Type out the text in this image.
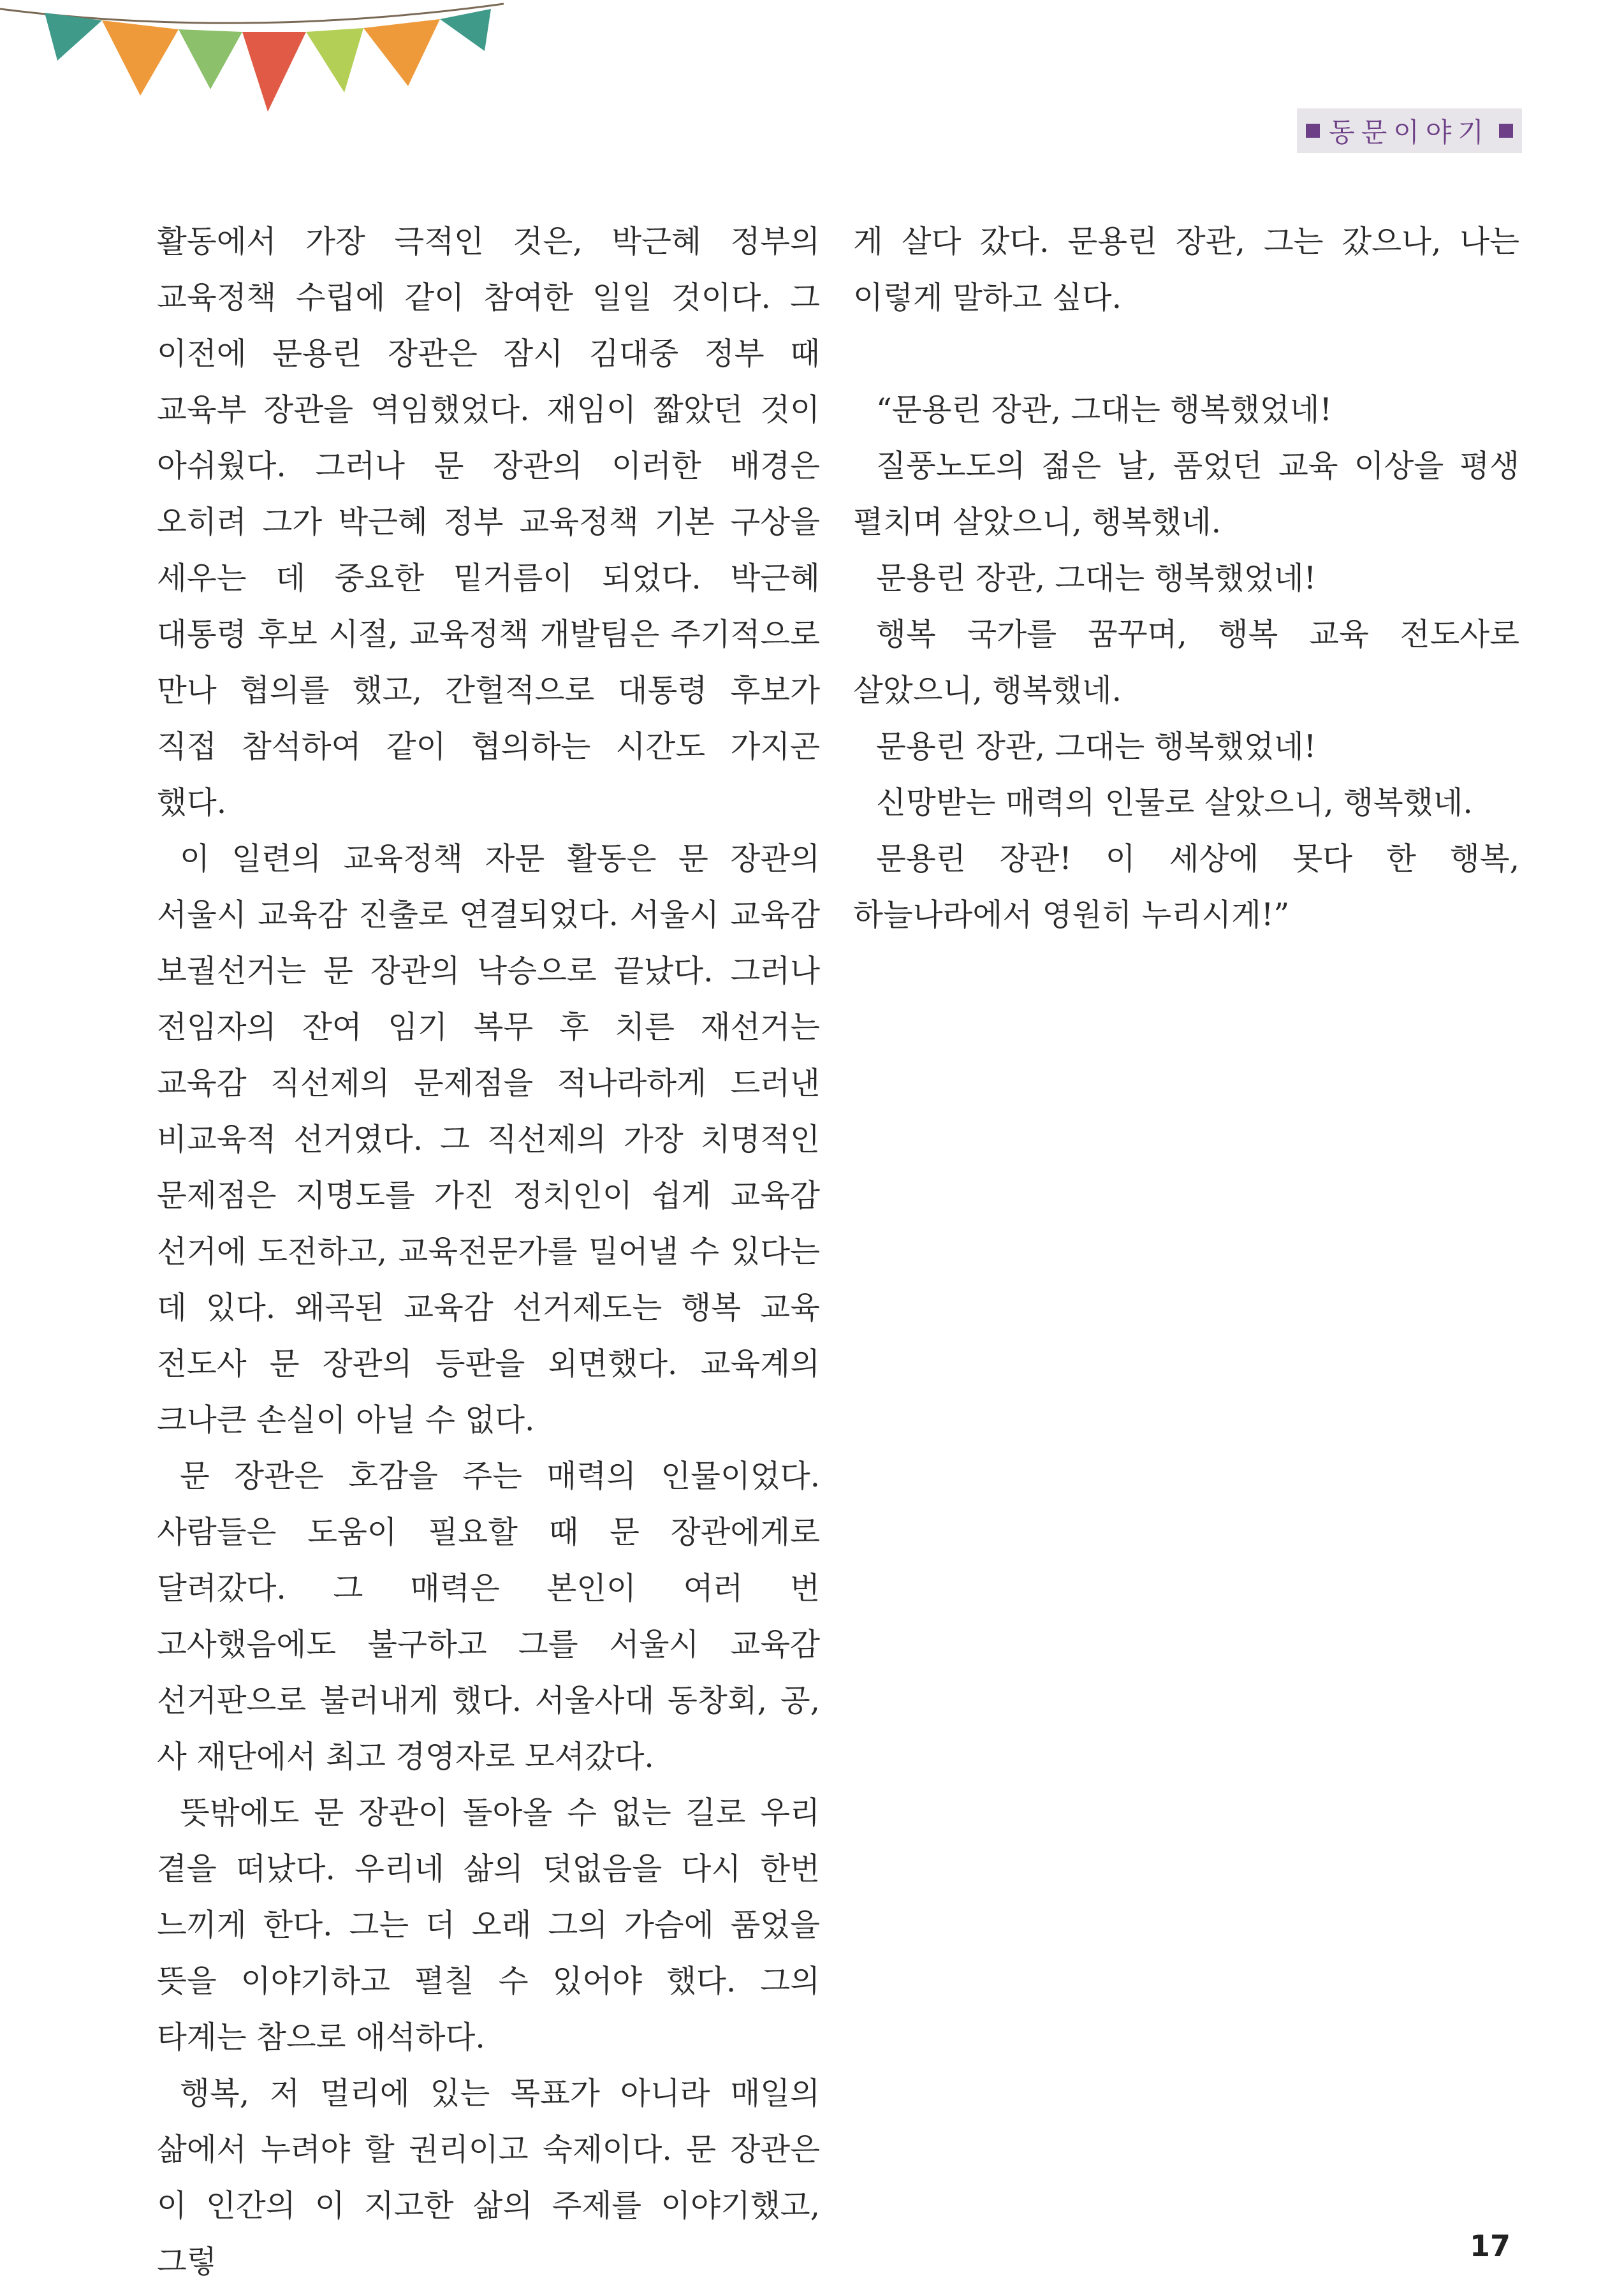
동문이야기

활동에서 가장 극적인 것은, 박근혜 정부의 교육정책 수립에 같이 참여한 일일 것이다. 그 이전에 문용린 장관은 잠시 김대중 정부 때 교육부 장관을 역임했었다. 재임이 짧았던 것이 아쉬웠다. 그러나 문 장관의 이러한 배경은 오히려 그가 박근혜 정부 교육정책 기본 구상을 세우는 데 중요한 밑거름이 되었다. 박근혜 대통령 후보 시절, 교육정책 개발팀은 주기적으로 만나 협의를 했고, 간헐적으로 대통령 후보가 직접 참석하여 같이 협의하는 시간도 가지곤 했다.

이 일련의 교육정책 자문 활동은 문 장관의 서울시 교육감 진출로 연결되었다. 서울시 교육감 보궐선거는 문 장관의 낙승으로 끝났다. 그러나 전임자의 잔여 임기 복무 후 치른 재선거는 교육감 직선제의 문제점을 적나라하게 드러낸 비교육적 선거였다. 그 직선제의 가장 치명적인 문제점은 지명도를 가진 정치인이 쉽게 교육감 선거에 도전하고, 교육전문가를 밀어낼 수 있다는 데 있다. 왜곡된 교육감 선거제도는 행복 교육 전도사 문 장관의 등판을 외면했다. 교육계의 크나큰 손실이 아닐 수 없다.

문 장관은 호감을 주는 매력의 인물이었다. 사람들은 도움이 필요할 때 문 장관에게로 달려갔다. 그 매력은 본인이 여러 번 고사했음에도 불구하고 그를 서울시 교육감 선거판으로 불러내게 했다. 서울사대 동창회, 공, 사 재단에서 최고 경영자로 모셔갔다.

뜻밖에도 문 장관이 돌아올 수 없는 길로 우리 곁을 떠났다. 우리네 삶의 덧없음을 다시 한번 느끼게 한다. 그는 더 오래 그의 가슴에 품었을 뜻을 이야기하고 펼칠 수 있어야 했다. 그의 타계는 참으로 애석하다.

행복, 저 멀리에 있는 목표가 아니라 매일의 삶에서 누려야 할 권리이고 숙제이다. 문 장관은 이 인간의 이 지고한 삶의 주제를 이야기했고, 그렇

게 살다 갔다. 문용린 장관, 그는 갔으나, 나는 이렇게 말하고 싶다.

“문용린 장관, 그대는 행복했었네!

질풍노도의 젊은 날, 품었던 교육 이상을 평생 펼치며 살았으니, 행복했네.

문용린 장관, 그대는 행복했었네!

행복 국가를 꿈꾸며, 행복 교육 전도사로 살았으니, 행복했네.

문용린 장관, 그대는 행복했었네!

신망받는 매력의 인물로 살았으니, 행복했네.

문용린 장관! 이 세상에 못다 한 행복, 하늘나라에서 영원히 누리시게!”

17
